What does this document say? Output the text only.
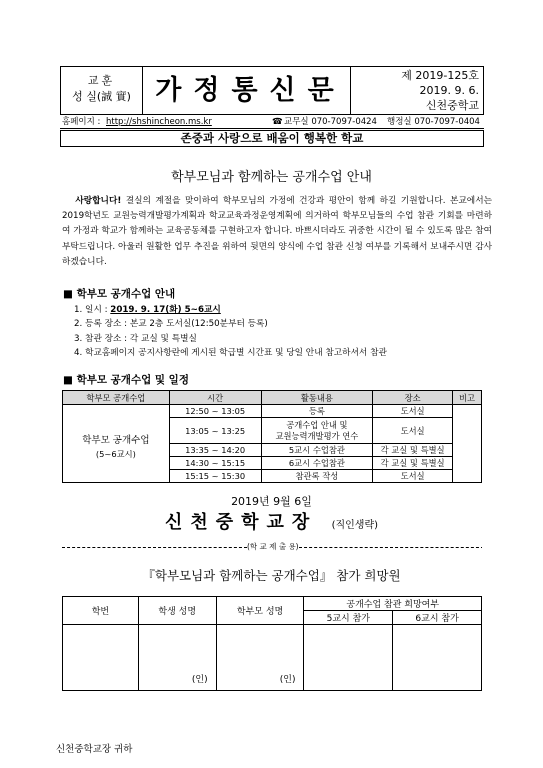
교훈
성 실(誠 實) 가정통신문	제 2019-125호
2019. 9. 6.
신천중학교
홈페이지 : http://shshincheon.ms.kr	☎ 교무실 070-7097-0424 행정실 070-7097-0404
존중과 사랑으로 배움이 행복한 학교
학부모님과 함께하는 공개수업 안내
사랑합니다! 결실의 계절을 맞이하여 학부모님의 가정에 건강과 평안이 함께 하길 기원합니다. 본교에서는 2019학년도 교원능력개발평가계획과 학교교육과정운영계획에 의거하여 학부모님들의 수업 참관 기회를 마련하여 가정과 학교가 함께하는 교육공동체를 구현하고자 합니다. 바쁘시더라도 귀중한 시간이 될 수 있도록 많은 참여 부탁드립니다. 아울러 원활한 업무 추진을 위하여 뒷면의 양식에 수업 참관 신청 여부를 기록해서 보내주시면 감사하겠습니다.
■ 학부모 공개수업 안내
1. 일시 : 2019. 9. 17(화) 5~6교시
2. 등록 장소 : 본교 2층 도서실(12:50분부터 등록)
3. 참관 장소 : 각 교실 및 특별실
4. 학교홈페이지 공지사항란에 게시된 학급별 시간표 및 당일 안내 참고하셔서 참관
■ 학부모 공개수업 및 일정
학부모 공개수업	시간	활동내용	장소	비고

학부모 공개수업
(5~6교시)	12:50 ~ 13:05	등록	도서실	
	13:05 ~ 13:25	공개수업 안내 및
교원능력개발평가 연수	도서실	
	13:35 ~ 14:20	5교시 수업참관	각 교실 및 특별실	
	14:30 ~ 15:15	6교시 수업참관	각 교실 및 특별실	
	15:15 ~ 15:30	참관록 작성	도서실	
2019년 9월 6일
신천중학교장 (직인생략)
(학 교 제 출 용)
『학부모님과 함께하는 공개수업』 참가 희망원
학번	학생 성명	학부모 성명	공개수업 참관 희망여부	
			5교시 참가	6교시 참가
	(인)	(인)		
신천중학교장 귀하
